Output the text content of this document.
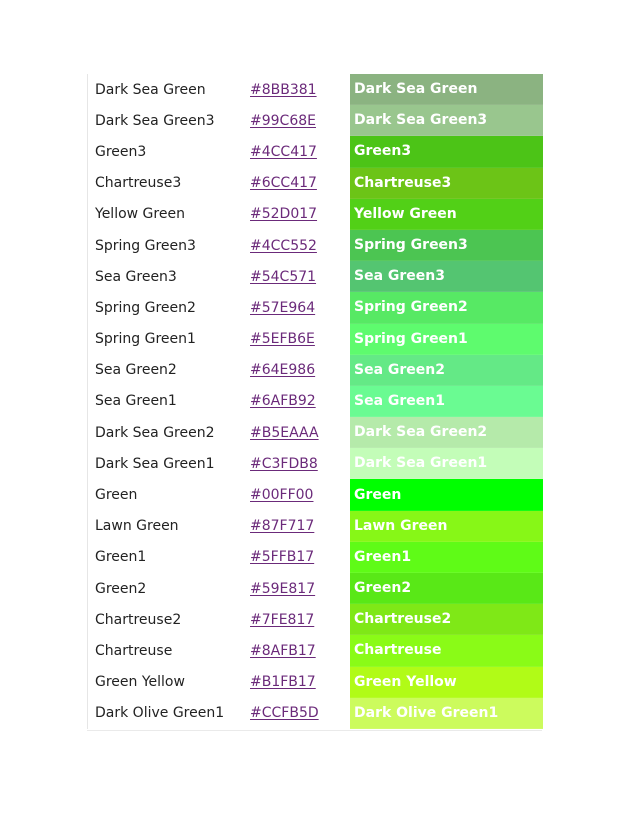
Dark Sea Green	#8BB381	Dark Sea Green
Dark Sea Green3	#99C68E	Dark Sea Green3
Green3	#4CC417	Green3
Chartreuse3	#6CC417	Chartreuse3
Yellow Green	#52D017	Yellow Green
Spring Green3	#4CC552	Spring Green3
Sea Green3	#54C571	Sea Green3
Spring Green2	#57E964	Spring Green2
Spring Green1	#5EFB6E	Spring Green1
Sea Green2	#64E986	Sea Green2
Sea Green1	#6AFB92	Sea Green1
Dark Sea Green2	#B5EAAA	Dark Sea Green2
Dark Sea Green1	#C3FDB8	Dark Sea Green1
Green	#00FF00	Green
Lawn Green	#87F717	Lawn Green
Green1	#5FFB17	Green1
Green2	#59E817	Green2
Chartreuse2	#7FE817	Chartreuse2
Chartreuse	#8AFB17	Chartreuse
Green Yellow	#B1FB17	Green Yellow
Dark Olive Green1	#CCFB5D	Dark Olive Green1
